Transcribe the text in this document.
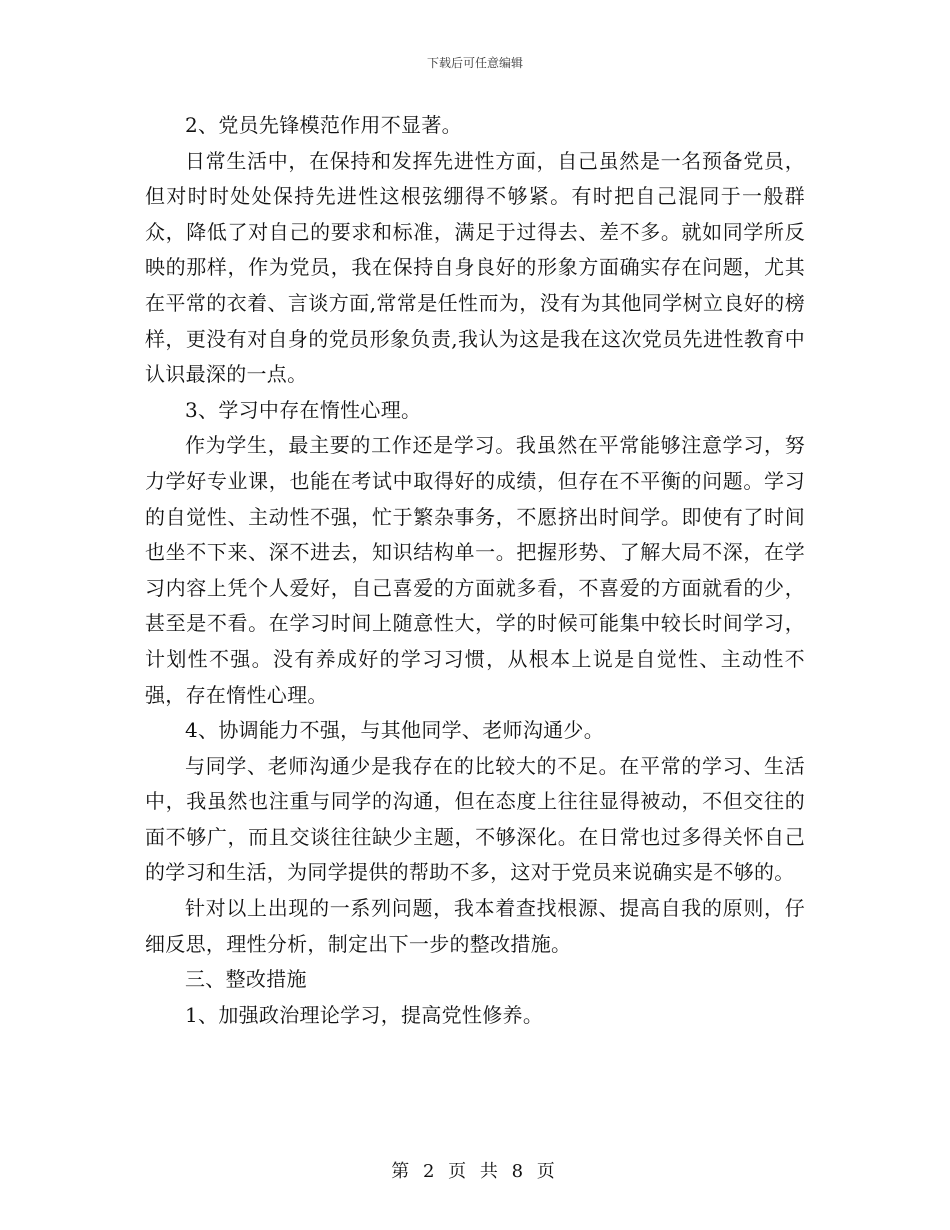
下载后可任意编辑

2、党员先锋模范作用不显著。

日常生活中，在保持和发挥先进性方面，自己虽然是一名预备党员，但对时时处处保持先进性这根弦绷得不够紧。有时把自己混同于一般群众，降低了对自己的要求和标准，满足于过得去、差不多。就如同学所反映的那样，作为党员，我在保持自身良好的形象方面确实存在问题，尤其在平常的衣着、言谈方面,常常是任性而为，没有为其他同学树立良好的榜样，更没有对自身的党员形象负责,我认为这是我在这次党员先进性教育中认识最深的一点。

3、学习中存在惰性心理。

作为学生，最主要的工作还是学习。我虽然在平常能够注意学习，努力学好专业课，也能在考试中取得好的成绩，但存在不平衡的问题。学习的自觉性、主动性不强，忙于繁杂事务，不愿挤出时间学。即使有了时间也坐不下来、深不进去，知识结构单一。把握形势、了解大局不深，在学习内容上凭个人爱好，自己喜爱的方面就多看，不喜爱的方面就看的少，甚至是不看。在学习时间上随意性大，学的时候可能集中较长时间学习，计划性不强。没有养成好的学习习惯，从根本上说是自觉性、主动性不强，存在惰性心理。

4、协调能力不强，与其他同学、老师沟通少。

与同学、老师沟通少是我存在的比较大的不足。在平常的学习、生活中，我虽然也注重与同学的沟通，但在态度上往往显得被动，不但交往的面不够广，而且交谈往往缺少主题，不够深化。在日常也过多得关怀自己的学习和生活，为同学提供的帮助不多，这对于党员来说确实是不够的。

针对以上出现的一系列问题，我本着查找根源、提高自我的原则，仔细反思，理性分析，制定出下一步的整改措施。

三、整改措施

1、加强政治理论学习，提高党性修养。

第 2 页 共 8 页
